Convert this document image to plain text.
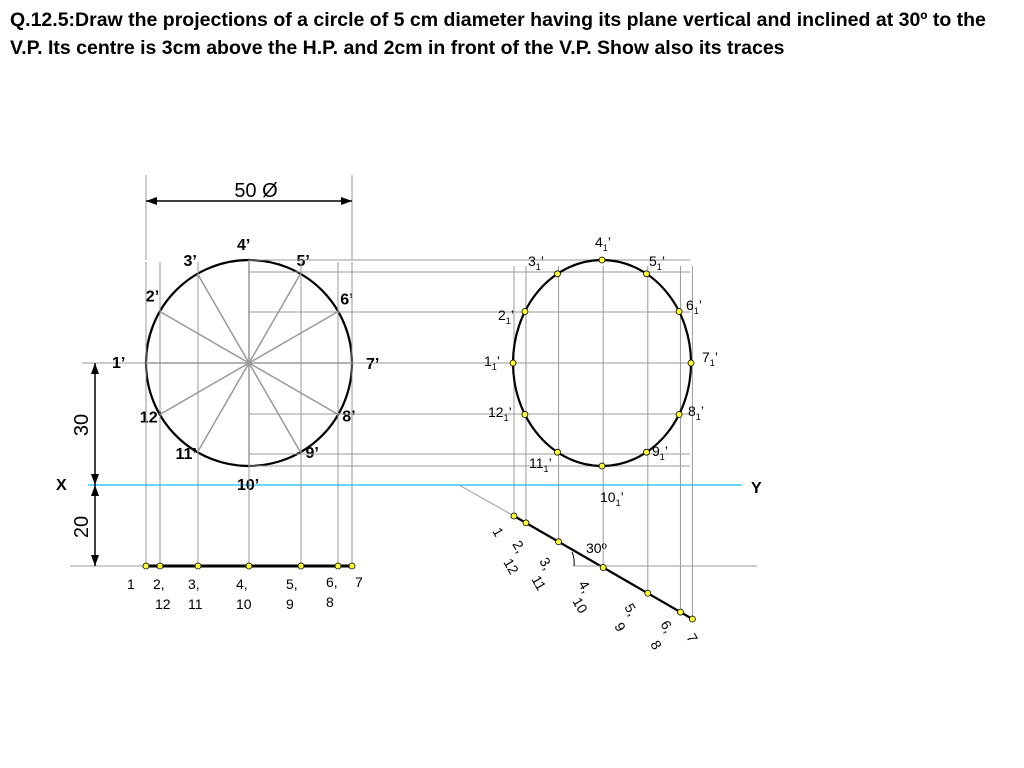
Q.12.5:Draw the projections of a circle of 5 cm diameter having its plane vertical and inclined at 30º to the V.P. Its centre is 3cm above the H.P. and 2cm in front of the V.P. Show also its traces

X	Y
50 Ø
30
20
1’
2’
3’
4’
5’
6’
7’
8’
9’
10’
11’
12’
1 2,
12
3,
11
4,
10
5,
9
6,
8
7
1
2,
12 3,
11 4,
10 5,
9 6,
8 7
$1_1$’
$2_1$’
$3_1$’
$4_1$’
$5_1$’
$6_1$’
$7_1$’
$8_1$’
$9_1$’
$10_1$’
$11_1$’
$12_1$’
30º
